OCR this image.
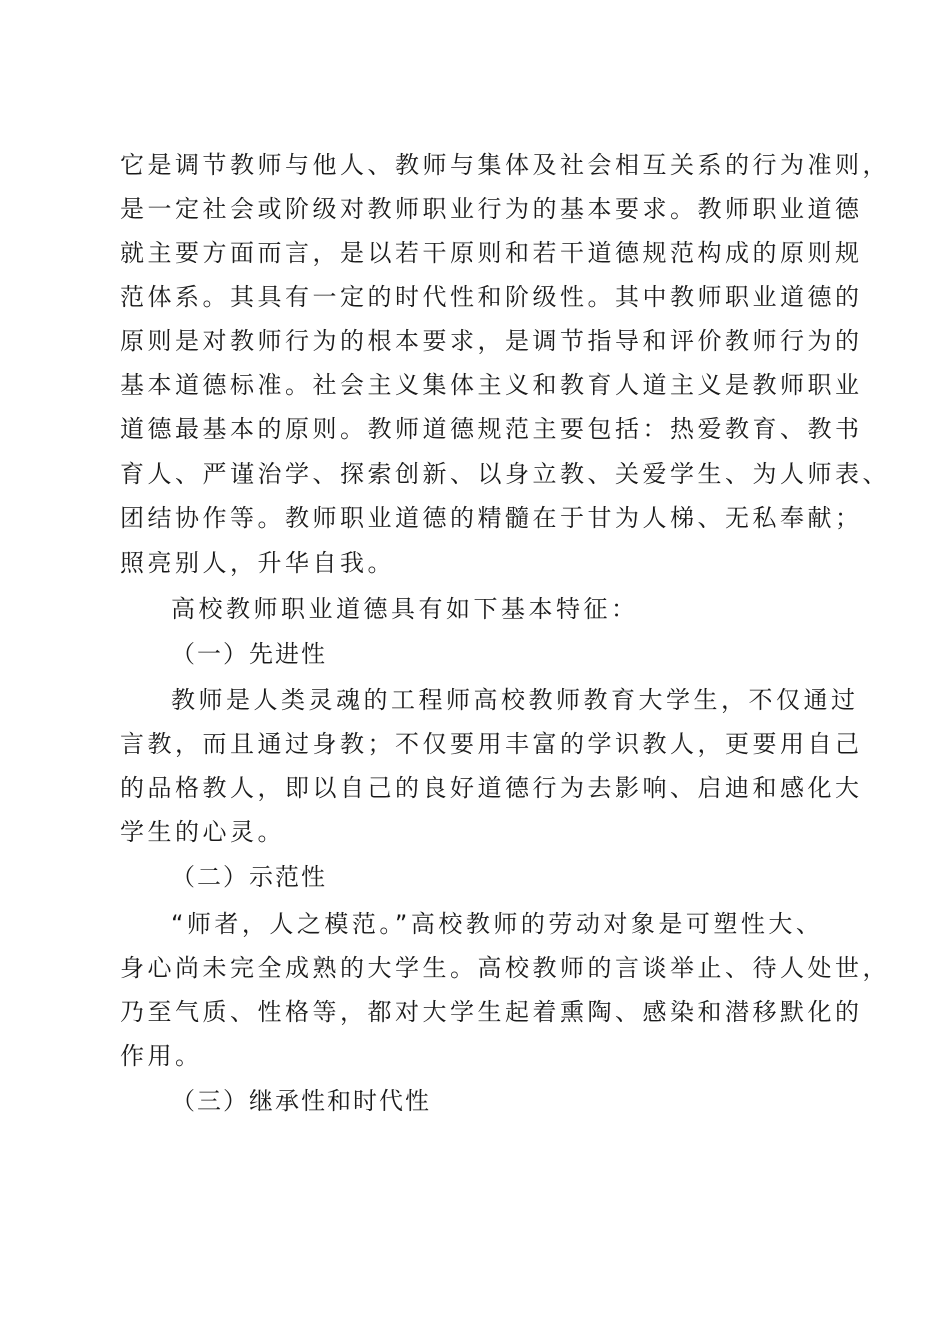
它是调节教师与他人、教师与集体及社会相互关系的行为准则，
是一定社会或阶级对教师职业行为的基本要求。教师职业道德
就主要方面而言，是以若干原则和若干道德规范构成的原则规
范体系。其具有一定的时代性和阶级性。其中教师职业道德的
原则是对教师行为的根本要求，是调节指导和评价教师行为的
基本道德标准。社会主义集体主义和教育人道主义是教师职业
道德最基本的原则。教师道德规范主要包括：热爱教育、教书
育人、严谨治学、探索创新、以身立教、关爱学生、为人师表、
团结协作等。教师职业道德的精髓在于甘为人梯、无私奉献；
照亮别人，升华自我。
高校教师职业道德具有如下基本特征：
（一）先进性
教师是人类灵魂的工程师高校教师教育大学生，不仅通过
言教，而且通过身教；不仅要用丰富的学识教人，更要用自己
的品格教人，即以自己的良好道德行为去影响、启迪和感化大
学生的心灵。
（二）示范性
“师者，人之模范。”高校教师的劳动对象是可塑性大、
身心尚未完全成熟的大学生。高校教师的言谈举止、待人处世，
乃至气质、性格等，都对大学生起着熏陶、感染和潜移默化的
作用。
（三）继承性和时代性
